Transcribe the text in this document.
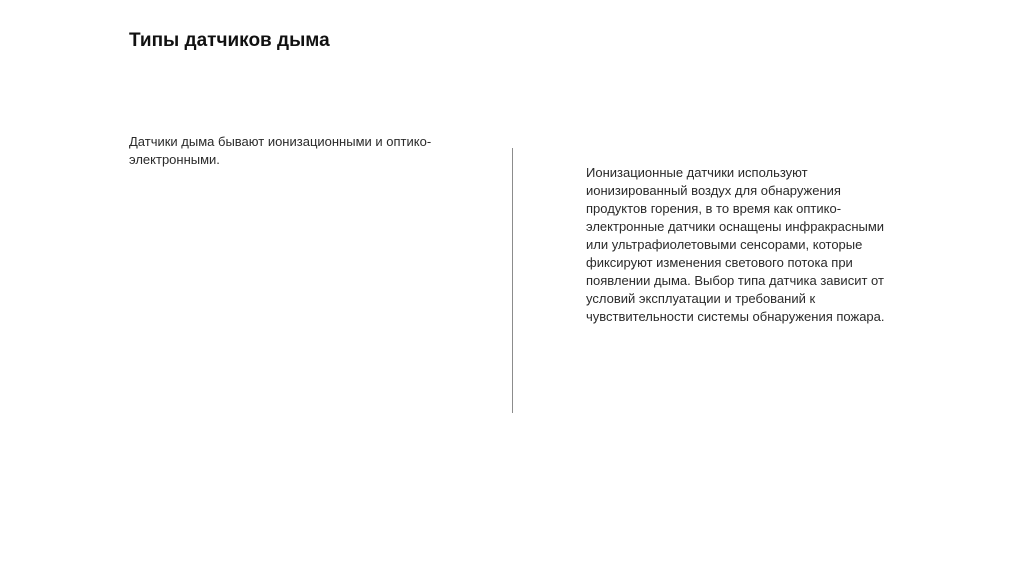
Типы датчиков дыма
Датчики дыма бывают ионизационными и оптико-
электронными.
Ионизационные датчики используют
ионизированный воздух для обнаружения
продуктов горения, в то время как оптико-
электронные датчики оснащены инфракрасными
или ультрафиолетовыми сенсорами, которые
фиксируют изменения светового потока при
появлении дыма. Выбор типа датчика зависит от
условий эксплуатации и требований к
чувствительности системы обнаружения пожара.
